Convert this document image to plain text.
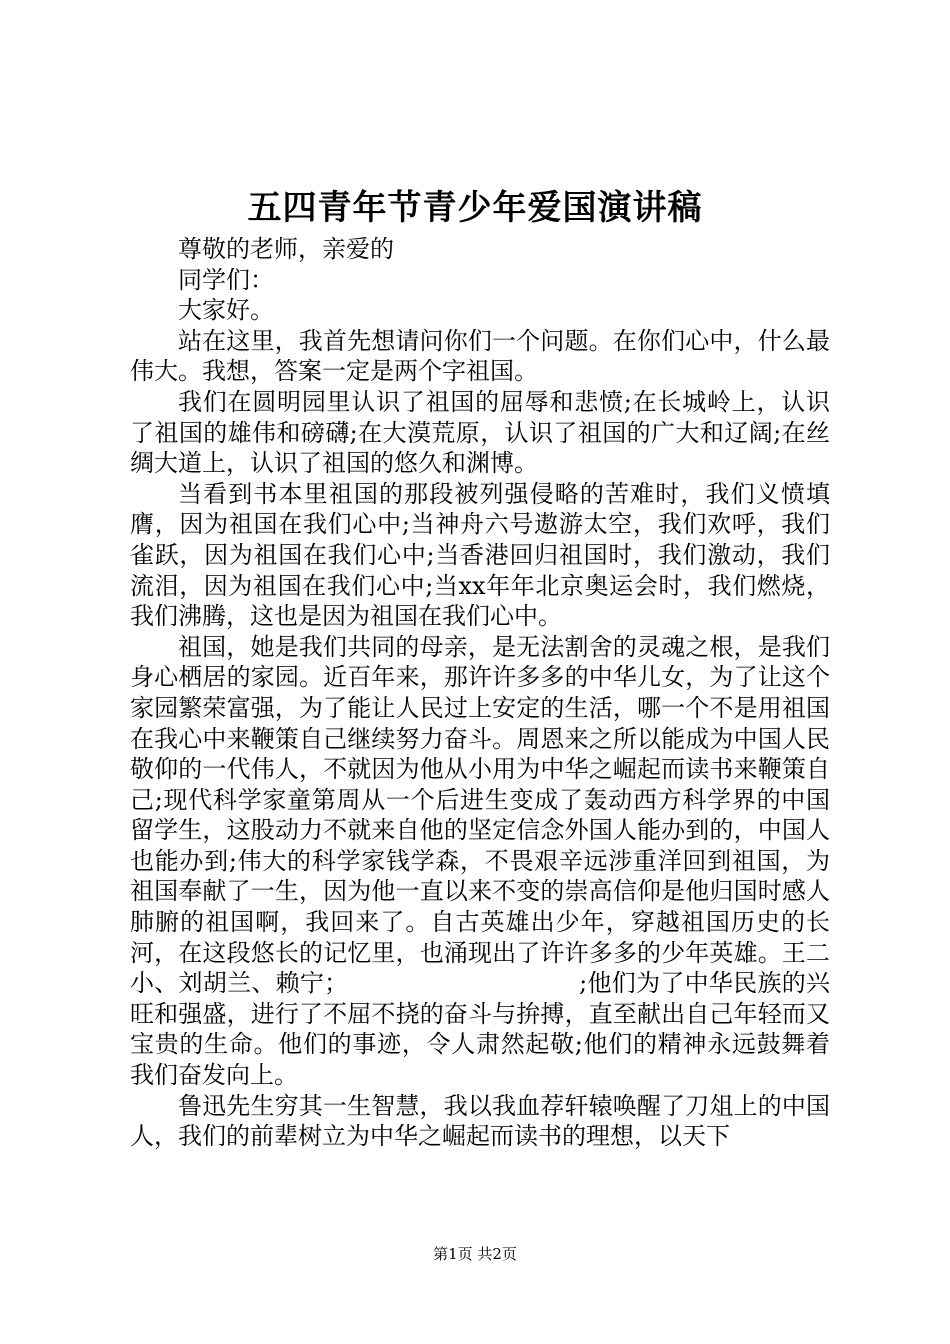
五四青年节青少年爱国演讲稿

尊敬的老师，亲爱的

同学们：

大家好。

站在这里，我首先想请问你们一个问题。在你们心中，什么最伟大。我想，答案一定是两个字祖国。

我们在圆明园里认识了祖国的屈辱和悲愤;在长城岭上，认识了祖国的雄伟和磅礴;在大漠荒原，认识了祖国的广大和辽阔;在丝绸大道上，认识了祖国的悠久和渊博。

当看到书本里祖国的那段被列强侵略的苦难时，我们义愤填膺，因为祖国在我们心中;当神舟六号遨游太空，我们欢呼，我们雀跃，因为祖国在我们心中;当香港回归祖国时，我们激动，我们流泪，因为祖国在我们心中;当xx年年北京奥运会时，我们燃烧，我们沸腾，这也是因为祖国在我们心中。

祖国，她是我们共同的母亲，是无法割舍的灵魂之根，是我们身心栖居的家园。近百年来，那许许多多的中华儿女，为了让这个家园繁荣富强，为了能让人民过上安定的生活，哪一个不是用祖国在我心中来鞭策自己继续努力奋斗。周恩来之所以能成为中国人民敬仰的一代伟人，不就因为他从小用为中华之崛起而读书来鞭策自己;现代科学家童第周从一个后进生变成了轰动西方科学界的中国留学生，这股动力不就来自他的坚定信念外国人能办到的，中国人也能办到;伟大的科学家钱学森，不畏艰辛远涉重洋回到祖国，为祖国奉献了一生，因为他一直以来不变的崇高信仰是他归国时感人肺腑的祖国啊，我回来了。自古英雄出少年，穿越祖国历史的长河，在这段悠长的记忆里，也涌现出了许许多多的少年英雄。王二小、刘胡兰、赖宁；　　　　　　　　　　;他们为了中华民族的兴旺和强盛，进行了不屈不挠的奋斗与拚搏，直至献出自己年轻而又宝贵的生命。他们的事迹，令人肃然起敬;他们的精神永远鼓舞着我们奋发向上。

鲁迅先生穷其一生智慧，我以我血荐轩辕唤醒了刀俎上的中国人，我们的前辈树立为中华之崛起而读书的理想，以天下

第1页 共2页
